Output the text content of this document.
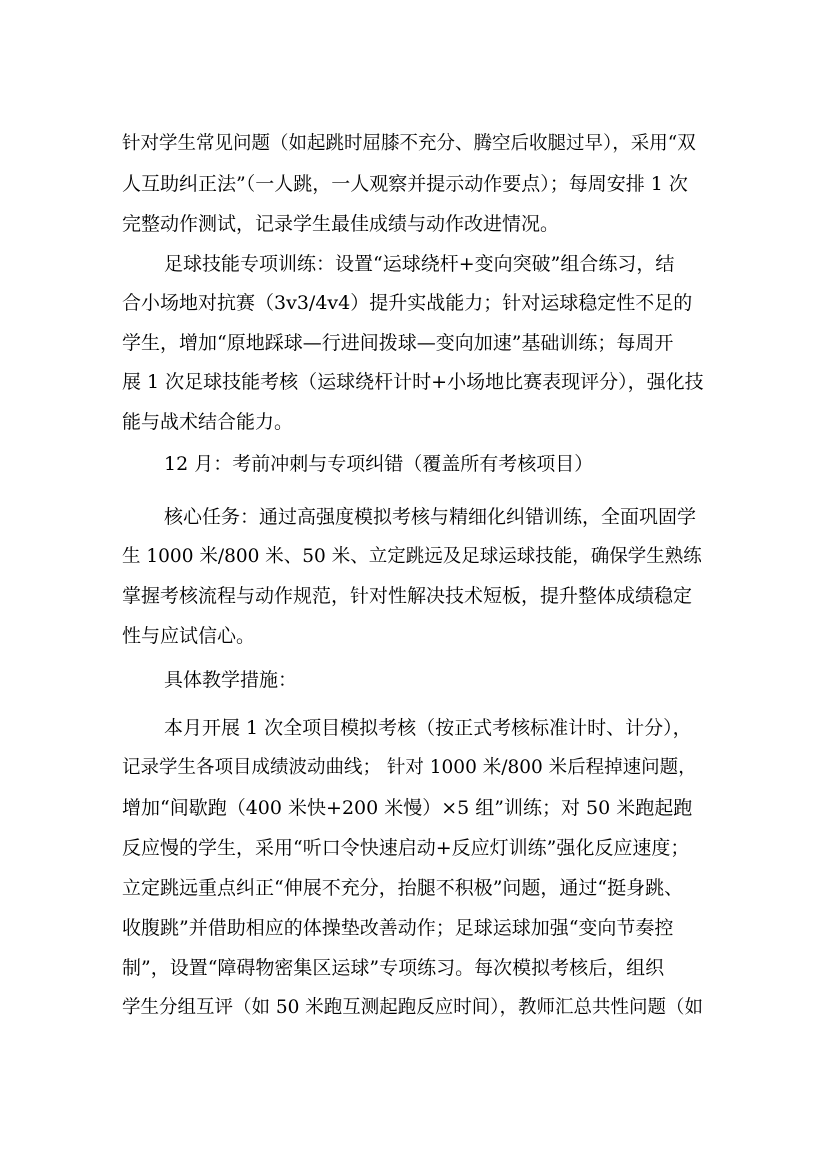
针对学生常见问题（如起跳时屈膝不充分、腾空后收腿过早），采用“双
人互助纠正法”（一人跳，一人观察并提示动作要点）；每周安排 1 次
完整动作测试，记录学生最佳成绩与动作改进情况。
足球技能专项训练：设置“运球绕杆+变向突破”组合练习，结
合小场地对抗赛（3v3/4v4）提升实战能力；针对运球稳定性不足的
学生，增加“原地踩球—行进间拨球—变向加速”基础训练；每周开
展 1 次足球技能考核（运球绕杆计时+小场地比赛表现评分），强化技
能与战术结合能力。
12 月：考前冲刺与专项纠错（覆盖所有考核项目）
核心任务：通过高强度模拟考核与精细化纠错训练，全面巩固学
生 1000 米/800 米、50 米、立定跳远及足球运球技能，确保学生熟练
掌握考核流程与动作规范，针对性解决技术短板，提升整体成绩稳定
性与应试信心。
具体教学措施：
本月开展 1 次全项目模拟考核（按正式考核标准计时、计分），
记录学生各项目成绩波动曲线； 针对 1000 米/800 米后程掉速问题，
增加“间歇跑（400 米快+200 米慢）×5 组”训练；对 50 米跑起跑
反应慢的学生，采用“听口令快速启动+反应灯训练”强化反应速度；
立定跳远重点纠正“伸展不充分，抬腿不积极”问题，通过“挺身跳、
收腹跳”并借助相应的体操垫改善动作；足球运球加强“变向节奏控
制”，设置“障碍物密集区运球”专项练习。每次模拟考核后，组织
学生分组互评（如 50 米跑互测起跑反应时间），教师汇总共性问题（如
